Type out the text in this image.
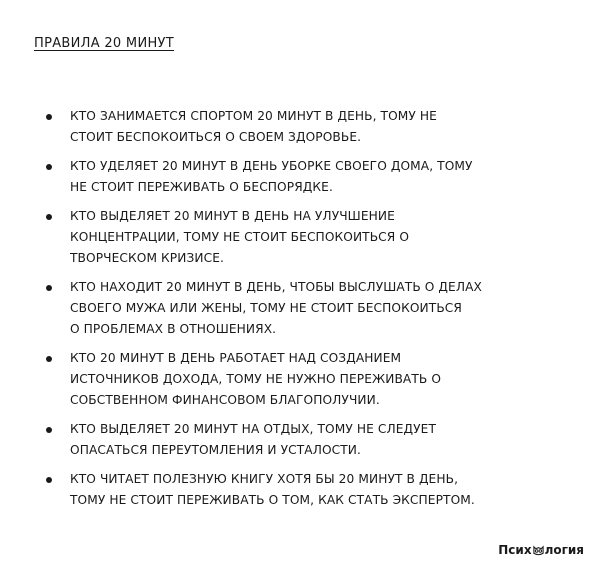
ПРАВИЛА 20 МИНУТ
КТО ЗАНИМАЕТСЯ СПОРТОМ 20 МИНУТ В ДЕНЬ, ТОМУ НЕ
СТОИТ БЕСПОКОИТЬСЯ О СВОЕМ ЗДОРОВЬЕ.
КТО УДЕЛЯЕТ 20 МИНУТ В ДЕНЬ УБОРКЕ СВОЕГО ДОМА, ТОМУ
НЕ СТОИТ ПЕРЕЖИВАТЬ О БЕСПОРЯДКЕ.
КТО ВЫДЕЛЯЕТ 20 МИНУТ В ДЕНЬ НА УЛУЧШЕНИЕ
КОНЦЕНТРАЦИИ, ТОМУ НЕ СТОИТ БЕСПОКОИТЬСЯ О
ТВОРЧЕСКОМ КРИЗИСЕ.
КТО НАХОДИТ 20 МИНУТ В ДЕНЬ, ЧТОБЫ ВЫСЛУШАТЬ О ДЕЛАХ
СВОЕГО МУЖА ИЛИ ЖЕНЫ, ТОМУ НЕ СТОИТ БЕСПОКОИТЬСЯ
О ПРОБЛЕМАХ В ОТНОШЕНИЯХ.
КТО 20 МИНУТ В ДЕНЬ РАБОТАЕТ НАД СОЗДАНИЕМ
ИСТОЧНИКОВ ДОХОДА, ТОМУ НЕ НУЖНО ПЕРЕЖИВАТЬ О
СОБСТВЕННОМ ФИНАНСОВОМ БЛАГОПОЛУЧИИ.
КТО ВЫДЕЛЯЕТ 20 МИНУТ НА ОТДЫХ, ТОМУ НЕ СЛЕДУЕТ
ОПАСАТЬСЯ ПЕРЕУТОМЛЕНИЯ И УСТАЛОСТИ.
КТО ЧИТАЕТ ПОЛЕЗНУЮ КНИГУ ХОТЯ БЫ 20 МИНУТ В ДЕНЬ,
ТОМУ НЕ СТОИТ ПЕРЕЖИВАТЬ О ТОМ, КАК СТАТЬ ЭКСПЕРТОМ.
Псих логия
